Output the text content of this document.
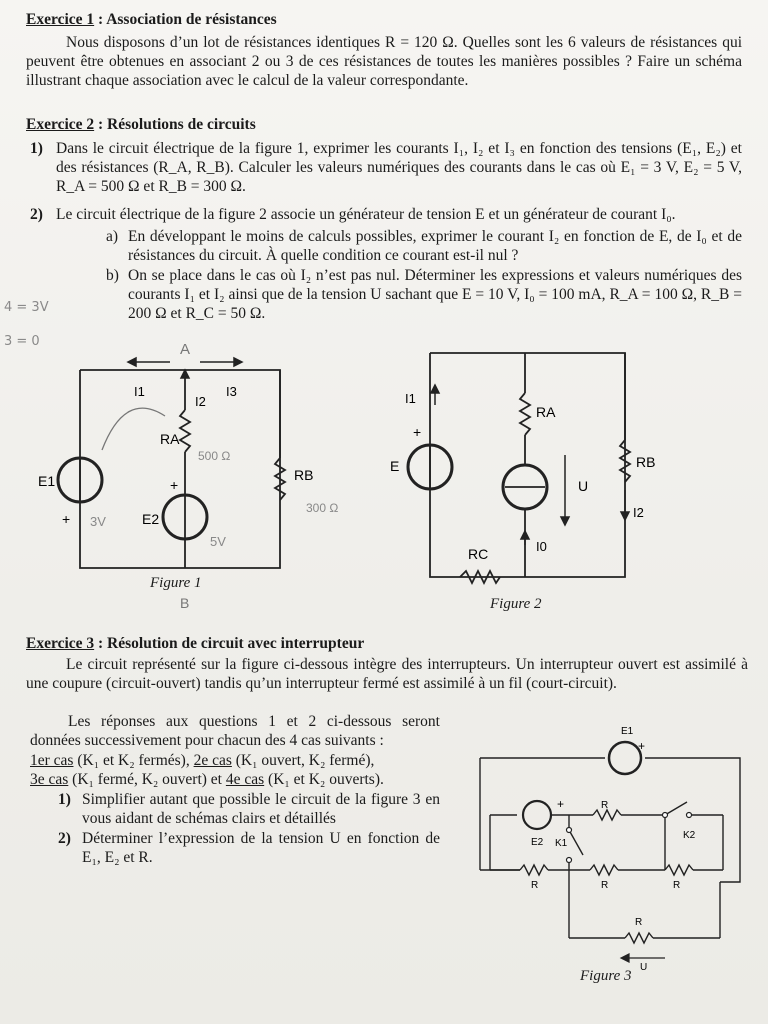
Exercice 1 : Association de résistances
Nous disposons d’un lot de résistances identiques R = 120 Ω. Quelles sont les 6 valeurs de résistances qui peuvent être obtenues en associant 2 ou 3 de ces résistances de toutes les manières possibles ? Faire un schéma illustrant chaque association avec le calcul de la valeur correspondante.
Exercice 2 : Résolutions de circuits
1) Dans le circuit électrique de la figure 1, exprimer les courants I₁, I₂ et I₃ en fonction des tensions (E₁, E₂) et des résistances (R_A, R_B). Calculer les valeurs numériques des courants dans le cas où E₁ = 3 V, E₂ = 5 V, R_A = 500 Ω et R_B = 300 Ω.
2) Le circuit électrique de la figure 2 associe un générateur de tension E et un générateur de courant I₀.
a) En développant le moins de calculs possibles, exprimer le courant I₂ en fonction de E, de I₀ et de résistances du circuit. À quelle condition ce courant est-il nul ?
b) On se place dans le cas où I₂ n’est pas nul. Déterminer les expressions et valeurs numériques des courants I₁ et I₂ ainsi que de la tension U sachant que E = 10 V, I₀ = 100 mA, R_A = 100 Ω, R_B = 200 Ω et R_C = 50 Ω.
4 = 3V
3 = 0
I1
I2
I3
RA
RB
E1
E2
+
+
A
B
500 Ω
300 Ω
3V
5V
Figure 1
I1
RA
RB
E
+
U
I2
RC	I0
Figure 2
Exercice 3 : Résolution de circuit avec interrupteur
Le circuit représenté sur la figure ci-dessous intègre des interrupteurs. Un interrupteur ouvert est assimilé à une coupure (circuit-ouvert) tandis qu’un interrupteur fermé est assimilé à un fil (court-circuit).
Les réponses aux questions 1 et 2 ci-dessous seront données successivement pour chacun des 4 cas suivants :
1er cas (K₁ et K₂ fermés), 2e cas (K₁ ouvert, K₂ fermé),
3e cas (K₁ fermé, K₂ ouvert) et 4e cas (K₁ et K₂ ouverts).
1) Simplifier autant que possible le circuit de la figure 3 en vous aidant de schémas clairs et détaillés
2) Déterminer l’expression de la tension U en fonction de E₁, E₂ et R.
E1
+
+
E2 K1
K2
R
R	R	R
R
U
Figure 3
